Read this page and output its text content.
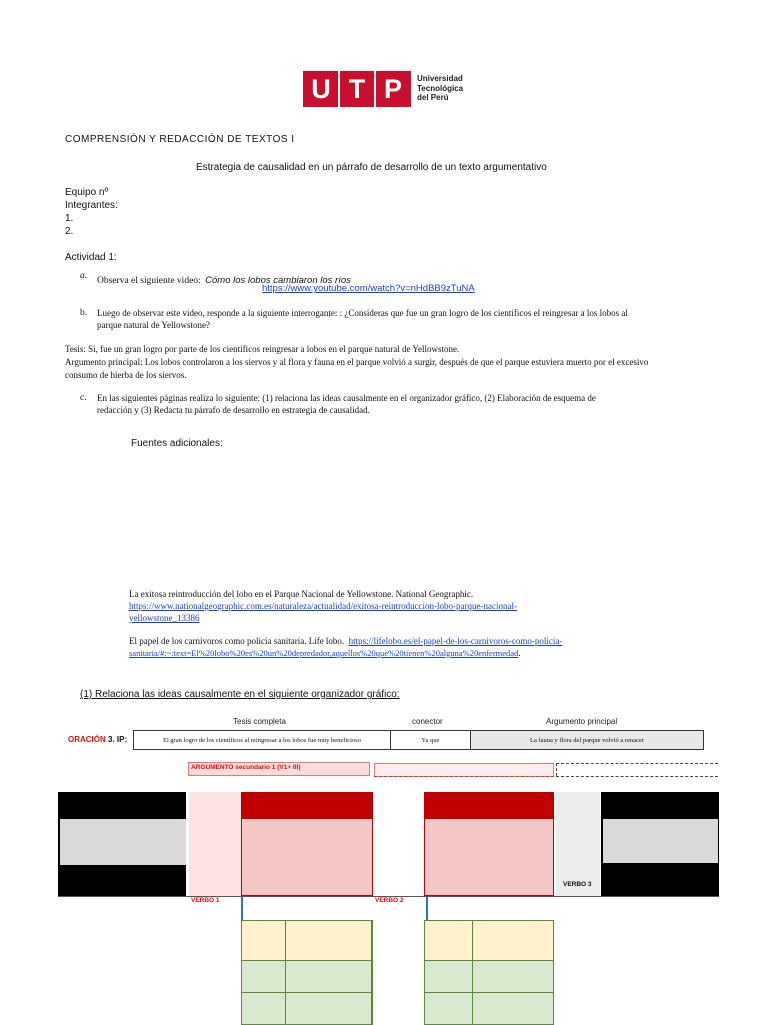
U T P	Universidad
Tecnológica
del Perú
COMPRENSIÓN Y REDACCIÓN DE TEXTOS I
Estrategia de causalidad en un párrafo de desarrollo de un texto argumentativo
Equipo nº
Integrantes:
1.
2.
Actividad 1:
a. Observa el siguiente video: Cómo los lobos cambiaron los ríos
https://www.youtube.com/watch?v=nHdBB9zTuNA
b. Luego de observar este video, responde a la siguiente interrogante: : ¿Consideras que fue un gran logro de los científicos el reingresar a los lobos al
parque natural de Yellowstone?
Tesis: Si, fue un gran logro por parte de los científicos reingresar a lobos en el parque natural de Yellowstone.
Argumento principal: Los lobos controlaron a los siervos y al flora y fauna en el parque volvió a surgir, después de que el parque estuviera muerto por el excesivo
consumo de hierba de los siervos.
c. En las siguientes páginas realiza lo siguiente: (1) relaciona las ideas causalmente en el organizador gráfico, (2) Elaboración de esquema de
redacción y (3) Redacta tu párrafo de desarrollo en estrategia de causalidad.
Fuentes adicionales:
La exitosa reintroducción del lobo en el Parque Nacional de Yellowstone. National Geographic.
https://www.nationalgeographic.com.es/naturaleza/actualidad/exitosa-reintroduccion-lobo-parque-nacional-
yellowstone_13386
El papel de los carnívoros como policía sanitaria. Life lobo. https://lifelobo.es/el-papel-de-los-carnivoros-como-policia-
sanitaria/#:~:text=El%20lobo%20es%20un%20depredador,aquellos%20que%20tienen%20alguna%20enfermedad.
(1) Relaciona las ideas causalmente en el siguiente organizador gráfico:
Tesis completa	conector	Argumento principal
ORACIÓN 3. IP:	El gran logro de los científicos al reingresar a los lobos fue muy beneficioso	Ya que	La fauna y flora del parque volvió a renacer
ARGUMENTO secundario 1 (V1+ III)
VERBO 1	VERBO 2
VERBO 3
